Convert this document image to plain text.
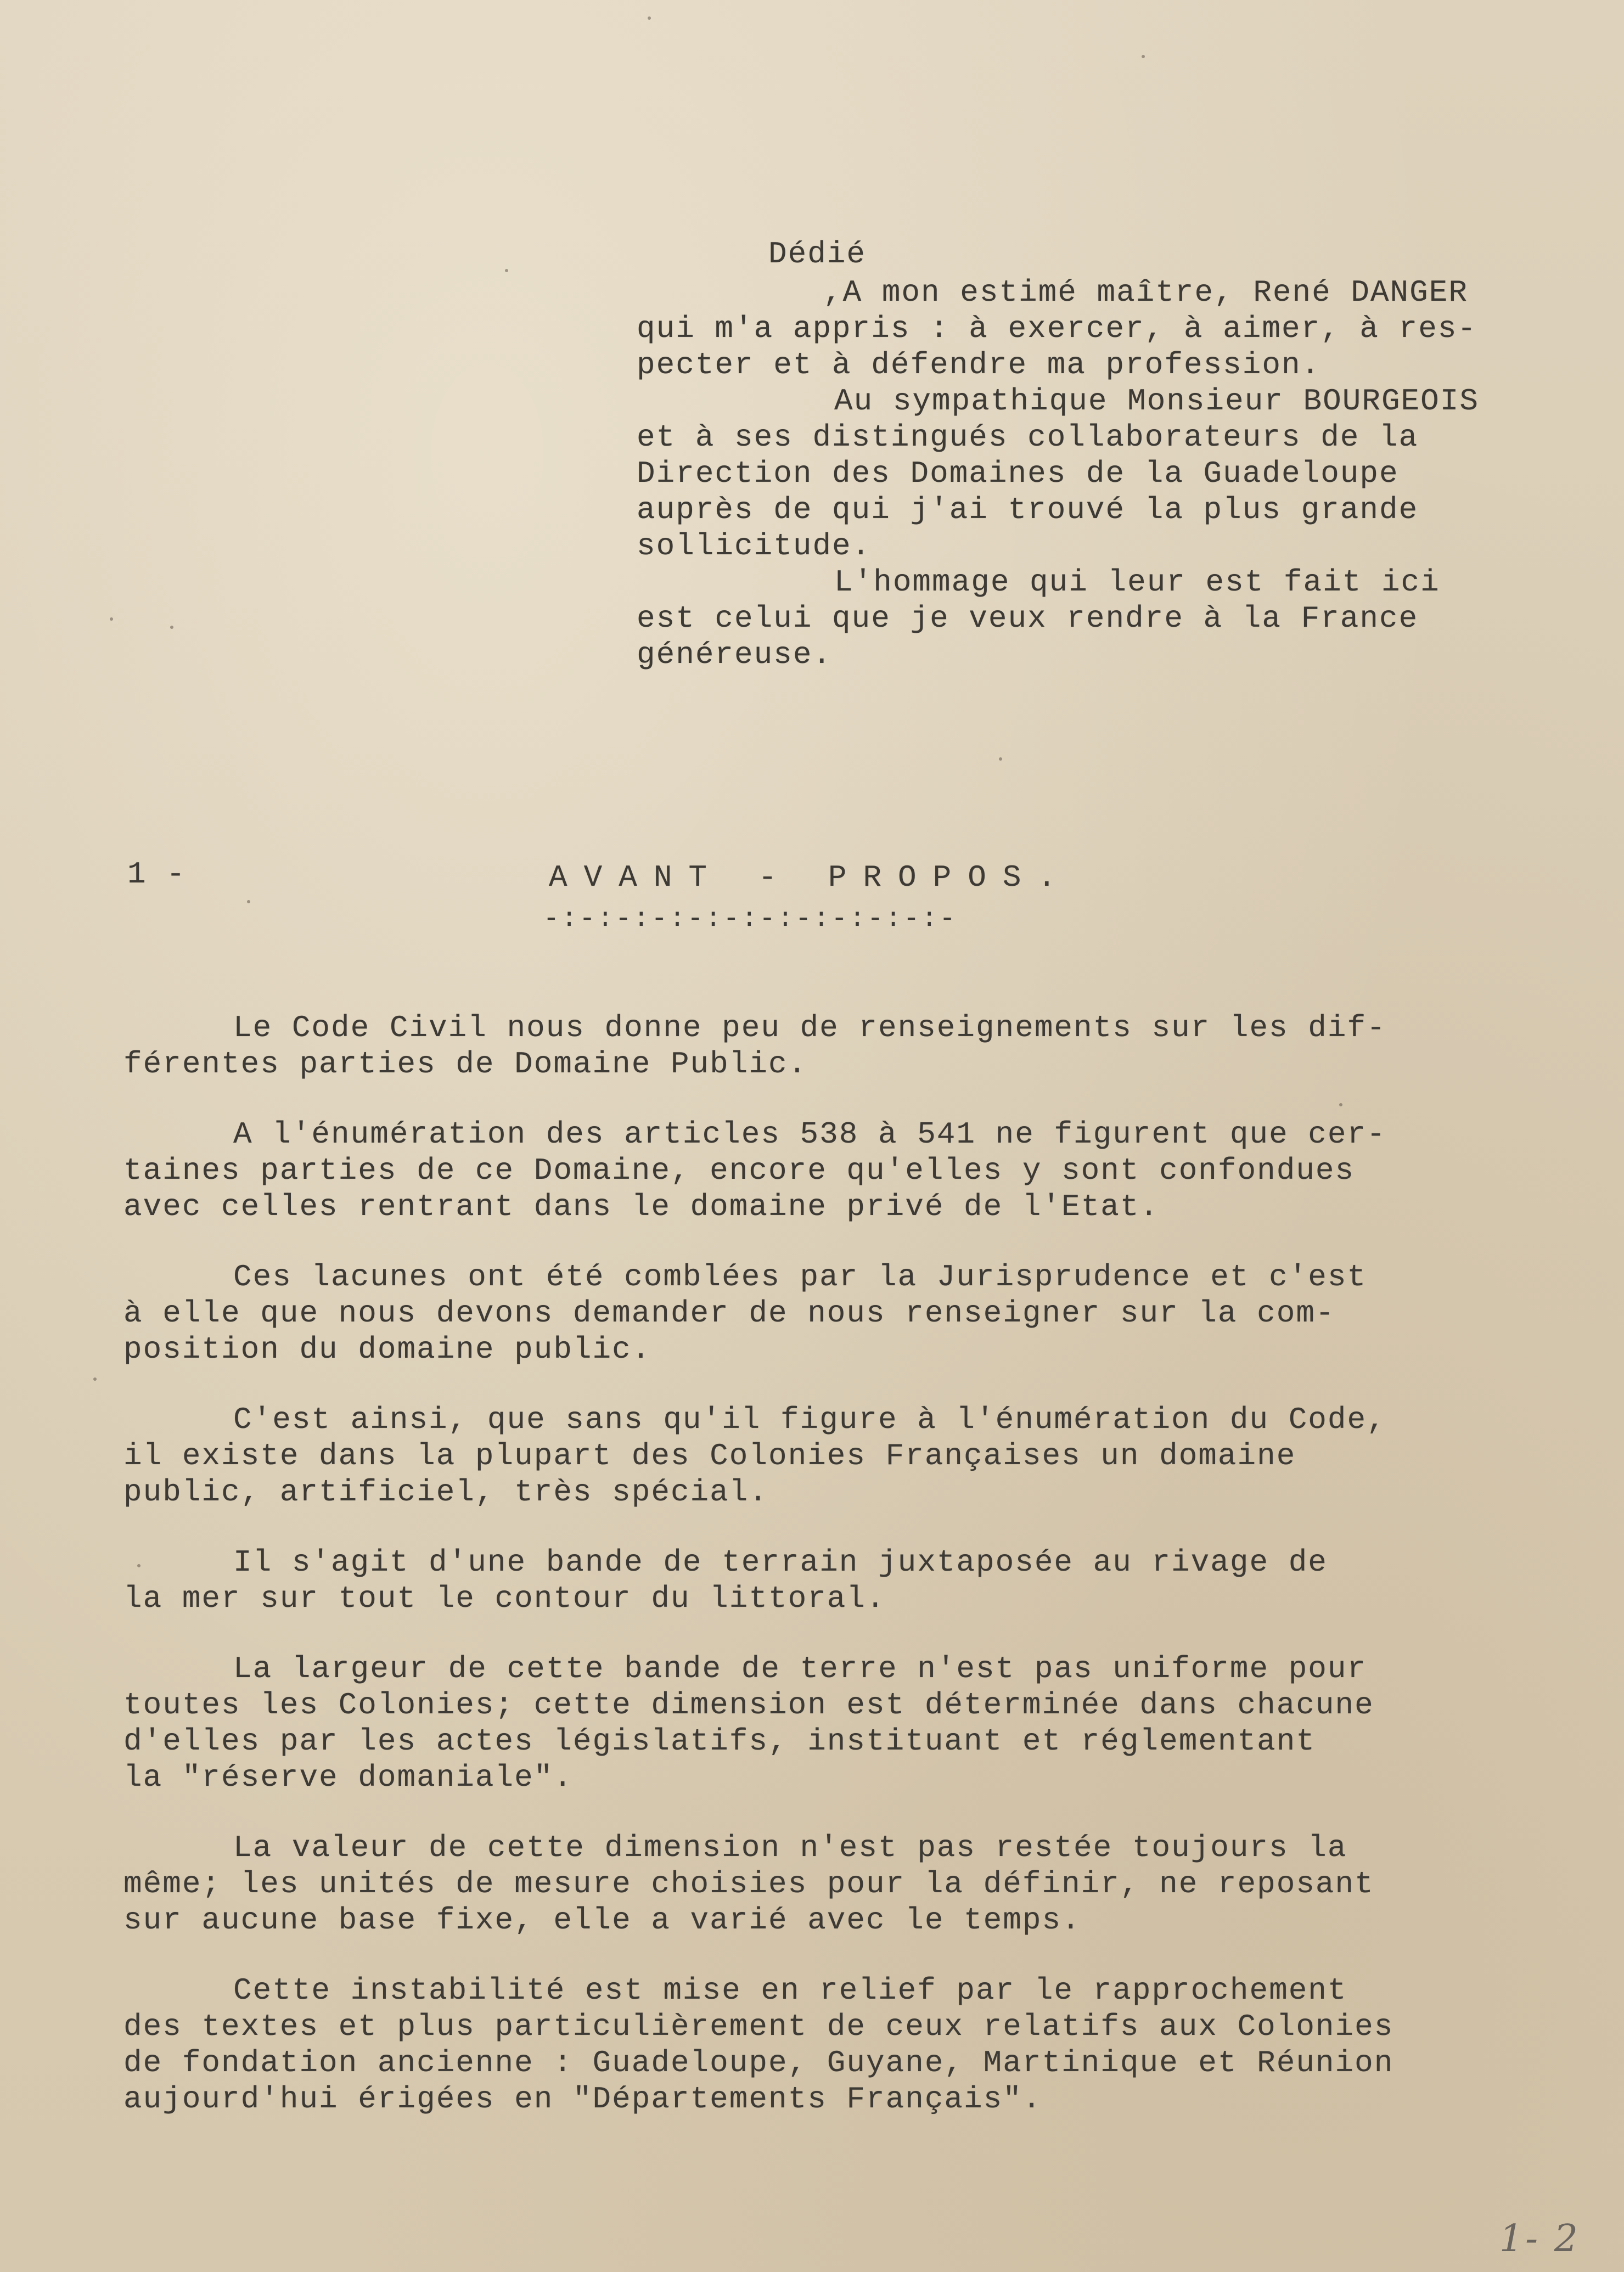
Dédié

,A mon estimé maître, René DANGER
qui m'a appris : à exercer, à aimer, à res-
pecter et à défendre ma profession.
Au sympathique Monsieur BOURGEOIS
et à ses distingués collaborateurs de la
Direction des Domaines de la Guadeloupe
auprès de qui j'ai trouvé la plus grande
sollicitude.
L'hommage qui leur est fait ici
est celui que je veux rendre à la France
généreuse.

1 -	AVANT - PROPOS.

-:-:-:-:-:-:-:-:-:-:-:-

Le Code Civil nous donne peu de renseignements sur les dif-
férentes parties de Domaine Public.
A l'énumération des articles 538 à 541 ne figurent que cer-
taines parties de ce Domaine, encore qu'elles y sont confondues
avec celles rentrant dans le domaine privé de l'Etat.
Ces lacunes ont été comblées par la Jurisprudence et c'est
à elle que nous devons demander de nous renseigner sur la com-
position du domaine public.
C'est ainsi, que sans qu'il figure à l'énumération du Code,
il existe dans la plupart des Colonies Françaises un domaine
public, artificiel, très spécial.
Il s'agit d'une bande de terrain juxtaposée au rivage de
la mer sur tout le contour du littoral.
La largeur de cette bande de terre n'est pas uniforme pour
toutes les Colonies; cette dimension est déterminée dans chacune
d'elles par les actes législatifs, instituant et réglementant
la "réserve domaniale".
La valeur de cette dimension n'est pas restée toujours la
même; les unités de mesure choisies pour la définir, ne reposant
sur aucune base fixe, elle a varié avec le temps.
Cette instabilité est mise en relief par le rapprochement
des textes et plus particulièrement de ceux relatifs aux Colonies
de fondation ancienne : Guadeloupe, Guyane, Martinique et Réunion
aujourd'hui érigées en "Départements Français".
1- 2
